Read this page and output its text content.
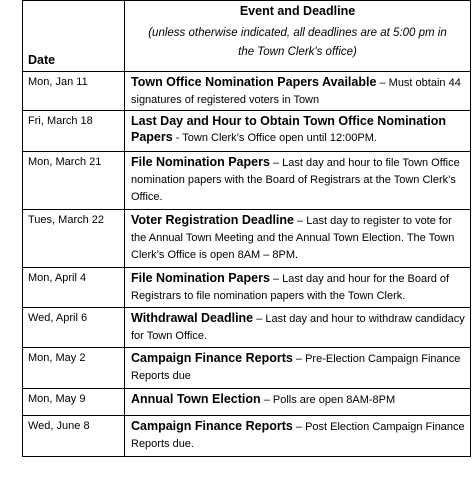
Date	Event and Deadline
(unless otherwise indicated, all deadlines are at 5:00 pm in
the Town Clerk's office)

Mon, Jan 11	Town Office Nomination Papers Available – Must obtain 44 signatures of registered voters in Town
Fri, March 18	Last Day and Hour to Obtain Town Office Nomination Papers - Town Clerk’s Office open until 12:00PM.
Mon, March 21	File Nomination Papers – Last day and hour to file Town Office nomination papers with the Board of Registrars at the Town Clerk’s Office.
Tues, March 22	Voter Registration Deadline – Last day to register to vote for the Annual Town Meeting and the Annual Town Election. The Town Clerk’s Office is open 8AM – 8PM.
Mon, April 4	File Nomination Papers – Last day and hour for the Board of Registrars to file nomination papers with the Town Clerk.
Wed, April 6	Withdrawal Deadline – Last day and hour to withdraw candidacy for Town Office.
Mon, May 2	Campaign Finance Reports – Pre-Election Campaign Finance Reports due
Mon, May 9	Annual Town Election – Polls are open 8AM-8PM
Wed, June 8	Campaign Finance Reports – Post Election Campaign Finance Reports due.
